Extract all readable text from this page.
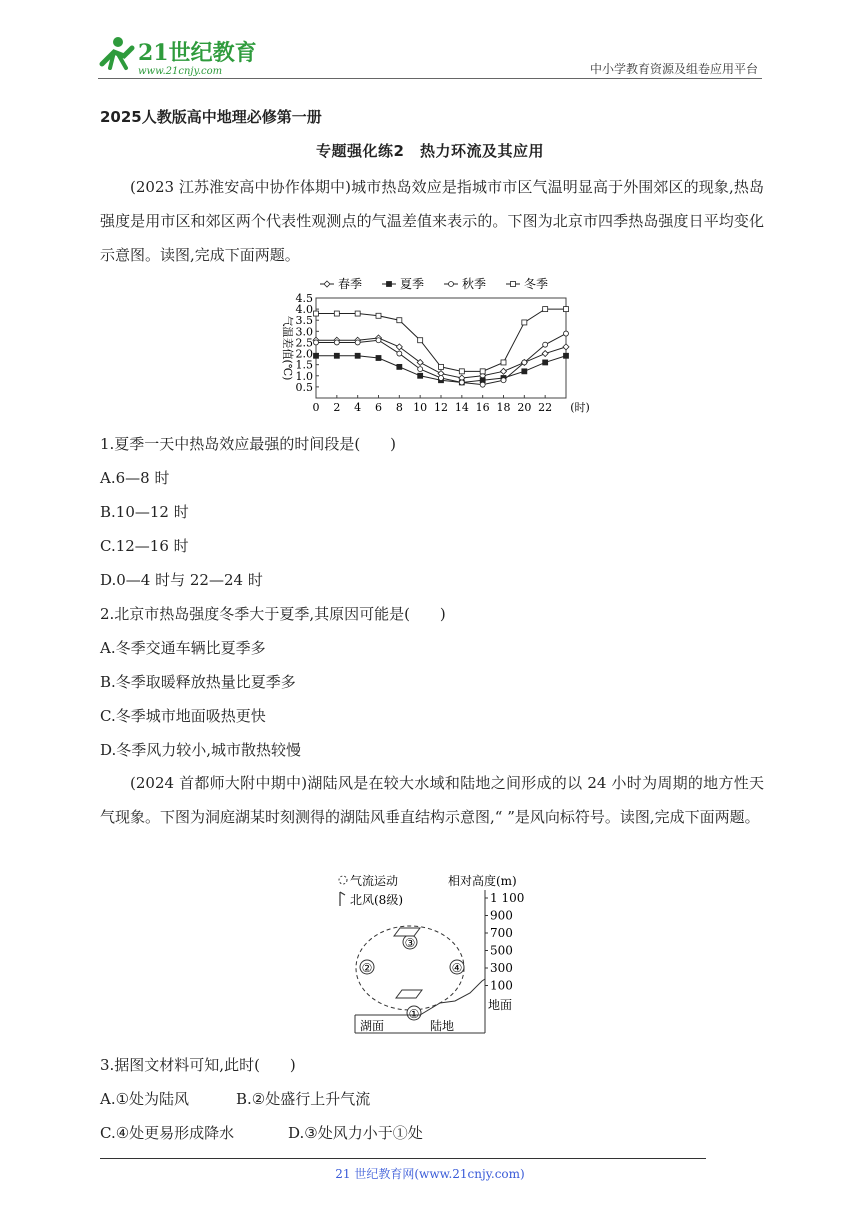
21世纪教育
www.21cnjy.com	中小学教育资源及组卷应用平台
2025人教版高中地理必修第一册
专题强化练2　热力环流及其应用
(2023 江苏淮安高中协作体期中)城市热岛效应是指城市市区气温明显高于外围郊区的现象,热岛强度是用市区和郊区两个代表性观测点的气温差值来表示的。下图为北京市四季热岛强度日平均变化示意图。读图,完成下面两题。
春季	夏季	秋季	冬季
4.5
4.0
3.5
3.0
2.5
2.0
1.5
1.0
0.5
0 2 4 6 8 10 12 14 16 18 20 22 (时)
气温差值(℃)
1.夏季一天中热岛效应最强的时间段是(　　)
A.6—8 时
B.10—12 时
C.12—16 时
D.0—4 时与 22—24 时
2.北京市热岛强度冬季大于夏季,其原因可能是(　　)
A.冬季交通车辆比夏季多
B.冬季取暖释放热量比夏季多
C.冬季城市地面吸热更快
D.冬季风力较小,城市散热较慢
(2024 首都师大附中期中)湖陆风是在较大水域和陆地之间形成的以 24 小时为周期的地方性天气现象。下图为洞庭湖某时刻测得的湖陆风垂直结构示意图,“ ”是风向标符号。读图,完成下面两题。
气流运动
北风(8级)
相对高度(m)
1 100
900
700
500
300
100
③
②	④
①
湖面	陆地
地面
3.据图文材料可知,此时(　　)
A.①处为陆风	B.②处盛行上升气流
C.④处更易形成降水	D.③处风力小于①处
21 世纪教育网(www.21cnjy.com)
